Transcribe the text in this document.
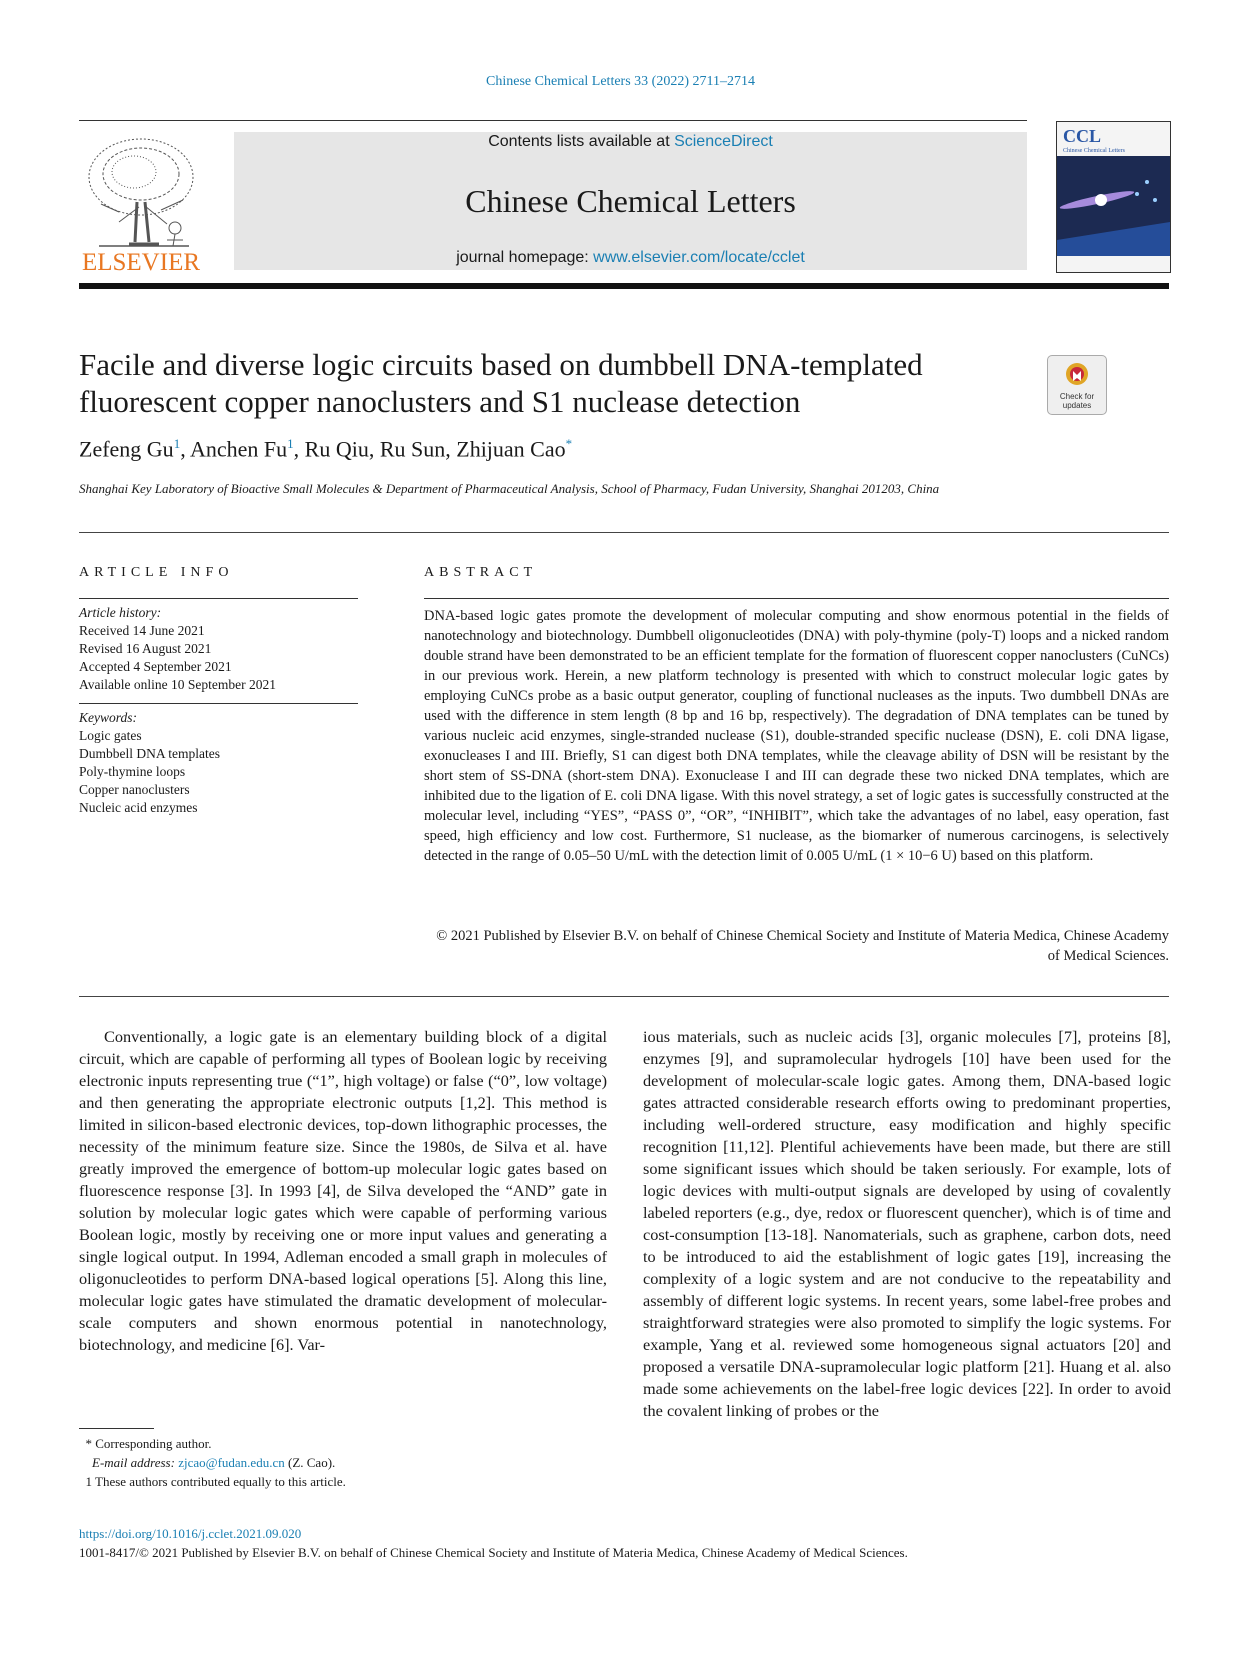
Chinese Chemical Letters 33 (2022) 2711–2714
ELSEVIER
Contents lists available at ScienceDirect
Chinese Chemical Letters
journal homepage: www.elsevier.com/locate/cclet
CCL
Chinese Chemical Letters
Facile and diverse logic circuits based on dumbbell DNA-templated fluorescent copper nanoclusters and S1 nuclease detection	Check for
updates
Zefeng Gu$^1$, Anchen Fu$^1$, Ru Qiu, Ru Sun, Zhijuan Cao*
Shanghai Key Laboratory of Bioactive Small Molecules & Department of Pharmaceutical Analysis, School of Pharmacy, Fudan University, Shanghai 201203, China
ARTICLE INFO
Article history:
Received 14 June 2021
Revised 16 August 2021
Accepted 4 September 2021
Available online 10 September 2021
Keywords:
Logic gates
Dumbbell DNA templates
Poly-thymine loops
Copper nanoclusters
Nucleic acid enzymes
ABSTRACT
DNA-based logic gates promote the development of molecular computing and show enormous potential in the fields of nanotechnology and biotechnology. Dumbbell oligonucleotides (DNA) with poly-thymine (poly-T) loops and a nicked random double strand have been demonstrated to be an efficient template for the formation of fluorescent copper nanoclusters (CuNCs) in our previous work. Herein, a new platform technology is presented with which to construct molecular logic gates by employing CuNCs probe as a basic output generator, coupling of functional nucleases as the inputs. Two dumbbell DNAs are used with the difference in stem length (8 bp and 16 bp, respectively). The degradation of DNA templates can be tuned by various nucleic acid enzymes, single-stranded nuclease (S1), double-stranded specific nuclease (DSN), E. coli DNA ligase, exonucleases I and III. Briefly, S1 can digest both DNA templates, while the cleavage ability of DSN will be resistant by the short stem of SS-DNA (short-stem DNA). Exonuclease I and III can degrade these two nicked DNA templates, which are inhibited due to the ligation of E. coli DNA ligase. With this novel strategy, a set of logic gates is successfully constructed at the molecular level, including “YES”, “PASS 0”, “OR”, “INHIBIT”, which take the advantages of no label, easy operation, fast speed, high efficiency and low cost. Furthermore, S1 nuclease, as the biomarker of numerous carcinogens, is selectively detected in the range of 0.05–50 U/mL with the detection limit of 0.005 U/mL (1 × 10−6 U) based on this platform.
© 2021 Published by Elsevier B.V. on behalf of Chinese Chemical Society and Institute of Materia Medica, Chinese Academy of Medical Sciences.

Conventionally, a logic gate is an elementary building block of a digital circuit, which are capable of performing all types of Boolean logic by receiving electronic inputs representing true (“1”, high voltage) or false (“0”, low voltage) and then generating the appropriate electronic outputs [1,2]. This method is limited in silicon-based electronic devices, top-down lithographic processes, the necessity of the minimum feature size. Since the 1980s, de Silva et al. have greatly improved the emergence of bottom-up molecular logic gates based on fluorescence response [3]. In 1993 [4], de Silva developed the “AND” gate in solution by molecular logic gates which were capable of performing various Boolean logic, mostly by receiving one or more input values and generating a single logical output. In 1994, Adleman encoded a small graph in molecules of oligonucleotides to perform DNA-based logical operations [5]. Along this line, molecular logic gates have stimulated the dramatic development of molecular-scale computers and shown enormous potential in nanotechnology, biotechnology, and medicine [6]. Var-

ious materials, such as nucleic acids [3], organic molecules [7], proteins [8], enzymes [9], and supramolecular hydrogels [10] have been used for the development of molecular-scale logic gates. Among them, DNA-based logic gates attracted considerable research efforts owing to predominant properties, including well-ordered structure, easy modification and highly specific recognition [11,12]. Plentiful achievements have been made, but there are still some significant issues which should be taken seriously. For example, lots of logic devices with multi-output signals are developed by using of covalently labeled reporters (e.g., dye, redox or fluorescent quencher), which is of time and cost-consumption [13-18]. Nanomaterials, such as graphene, carbon dots, need to be introduced to aid the establishment of logic gates [19], increasing the complexity of a logic system and are not conducive to the repeatability and assembly of different logic systems. In recent years, some label-free probes and straightforward strategies were also promoted to simplify the logic systems. For example, Yang et al. reviewed some homogeneous signal actuators [20] and proposed a versatile DNA-supramolecular logic platform [21]. Huang et al. also made some achievements on the label-free logic devices [22]. In order to avoid the covalent linking of probes or the

* Corresponding author.
E-mail address: zjcao@fudan.edu.cn (Z. Cao).
1 These authors contributed equally to this article.
https://doi.org/10.1016/j.cclet.2021.09.020
1001-8417/© 2021 Published by Elsevier B.V. on behalf of Chinese Chemical Society and Institute of Materia Medica, Chinese Academy of Medical Sciences.
